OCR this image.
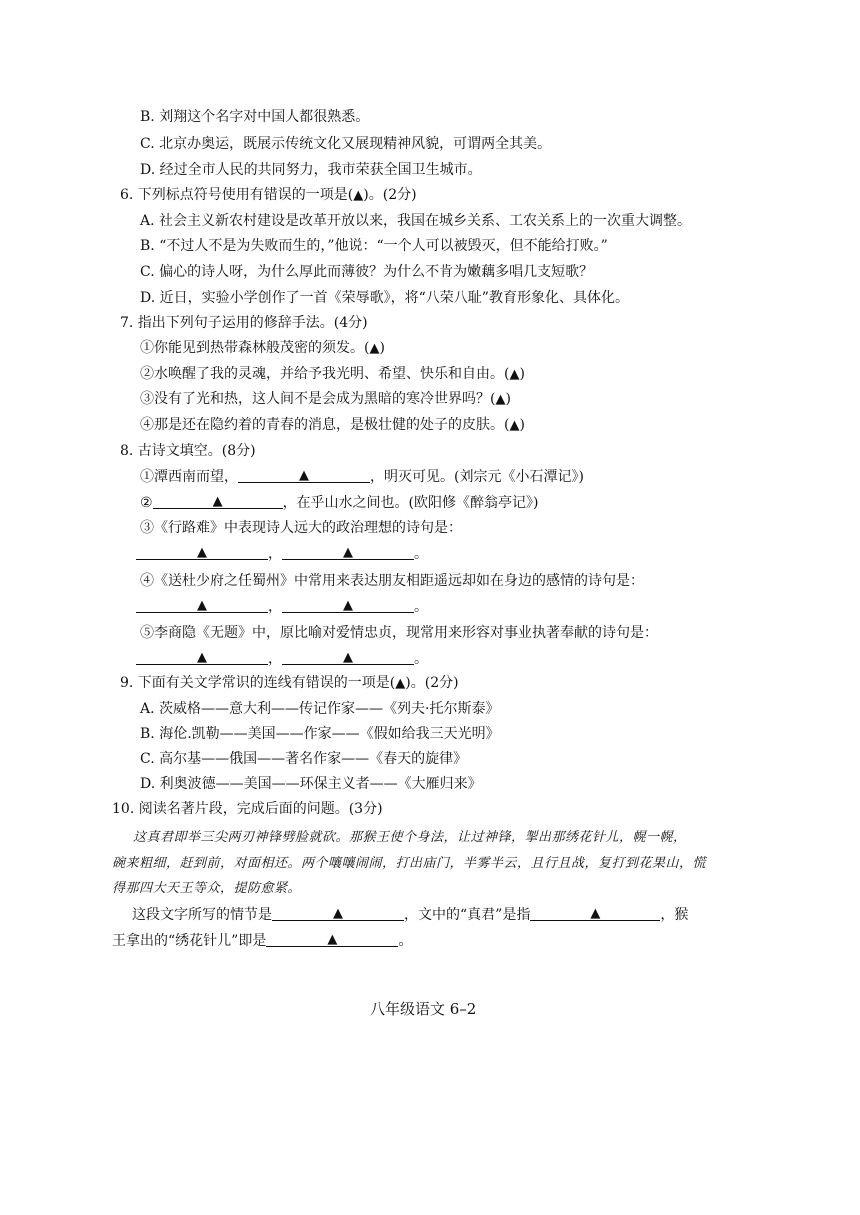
B. 刘翔这个名字对中国人都很熟悉。
C. 北京办奥运，既展示传统文化又展现精神风貌，可谓两全其美。
D. 经过全市人民的共同努力，我市荣获全国卫生城市。
6. 下列标点符号使用有错误的一项是(▲)。(2分)
A. 社会主义新农村建设是改革开放以来，我国在城乡关系、工农关系上的一次重大调整。
B. “不过人不是为失败而生的，”他说：“一个人可以被毁灭，但不能给打败。”
C. 偏心的诗人呀，为什么厚此而薄彼？为什么不肯为嫩藕多唱几支短歌？
D. 近日，实验小学创作了一首《荣辱歌》，将“八荣八耻”教育形象化、具体化。
7. 指出下列句子运用的修辞手法。(4分)
①你能见到热带森林般茂密的须发。(▲)
②水唤醒了我的灵魂，并给予我光明、希望、快乐和自由。(▲)
③没有了光和热，这人间不是会成为黑暗的寒冷世界吗？(▲)
④那是还在隐约着的青春的消息，是极壮健的处子的皮肤。(▲)
8. 古诗文填空。(8分)
①潭西南而望，	▲	，明灭可见。(刘宗元《小石潭记》)
②	▲	，在乎山水之间也。(欧阳修《醉翁亭记》)
③《行路难》中表现诗人远大的政治理想的诗句是：
▲	，	▲	。
④《送杜少府之任蜀州》中常用来表达朋友相距遥远却如在身边的感情的诗句是：
▲	，	▲	。
⑤李商隐《无题》中，原比喻对爱情忠贞，现常用来形容对事业执著奉献的诗句是：
▲	，	▲	。
9. 下面有关文学常识的连线有错误的一项是(▲)。(2分)
A. 茨威格——意大利——传记作家——《列夫·托尔斯泰》
B. 海伦.凯勒——美国——作家——《假如给我三天光明》
C. 高尔基——俄国——著名作家——《春天的旋律》
D. 利奥波德——美国——环保主义者——《大雁归来》
10. 阅读名著片段，完成后面的问题。(3分)
这真君即举三尖两刃神锋劈脸就砍。那猴王使个身法，让过神锋，掣出那绣花针儿，幌一幌，
碗来粗细，赶到前，对面相还。两个嚷嚷闹闹，打出庙门，半雾半云，且行且战，复打到花果山，慌
得那四大天王等众，提防愈紧。
这段文字所写的情节是	▲	，文中的“真君”是指	▲	，猴
王拿出的“绣花针儿”即是	▲	。
八年级语文 6–2
